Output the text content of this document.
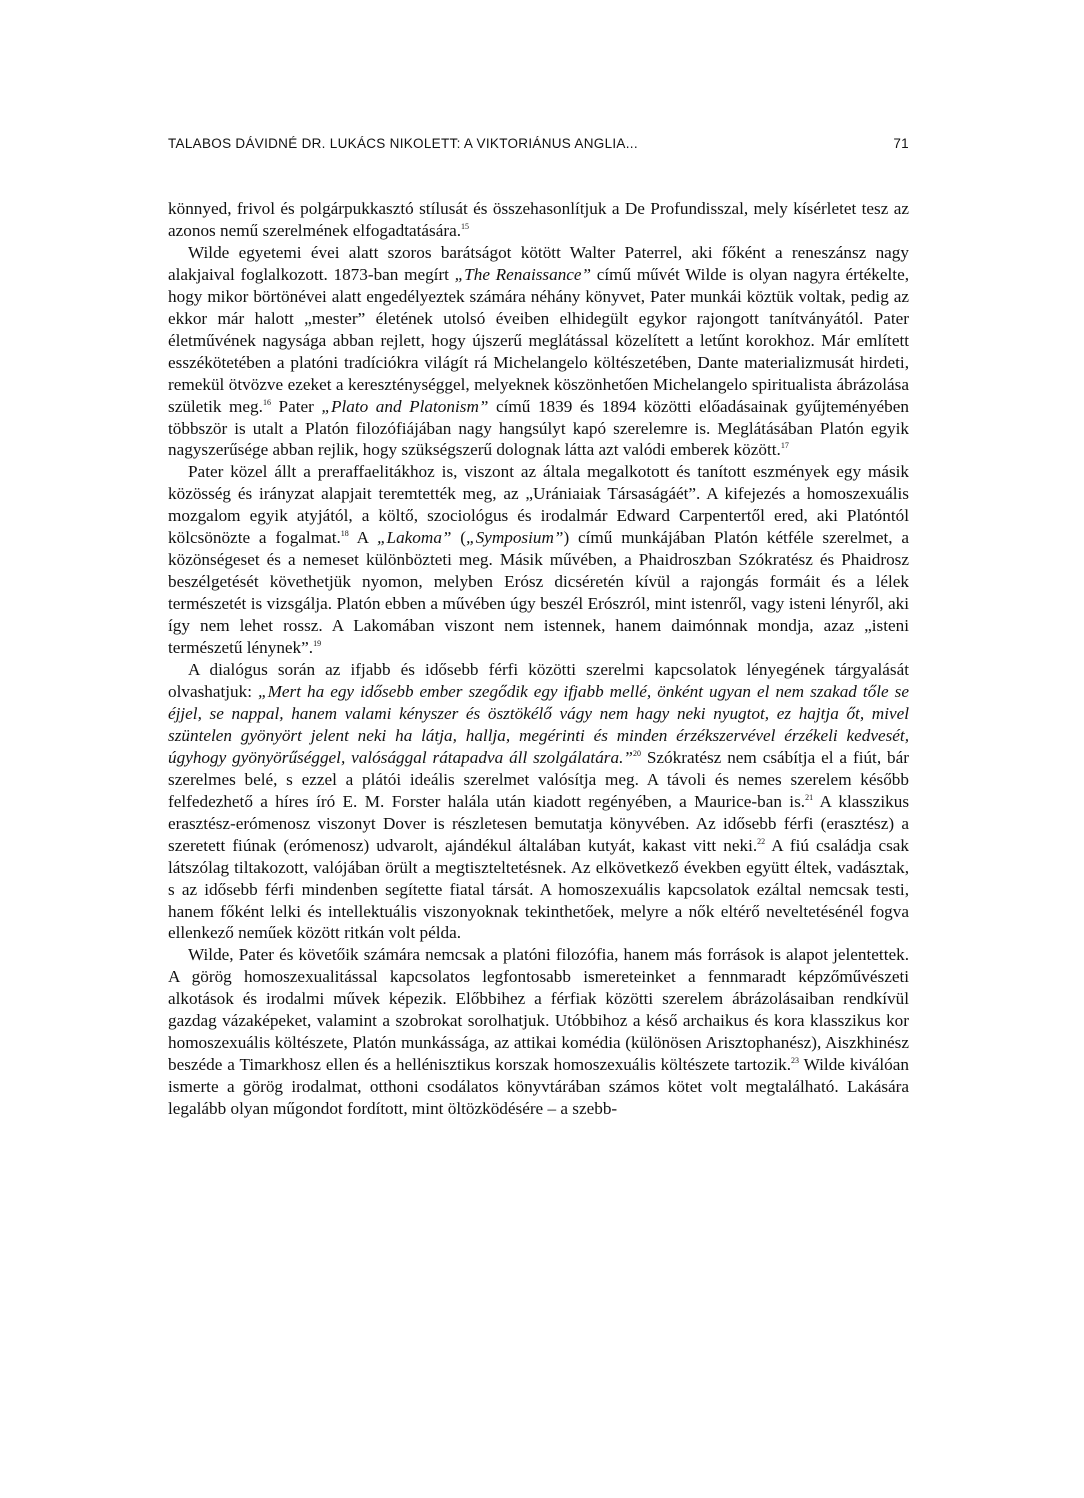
TALABOS DÁVIDNÉ DR. LUKÁCS NIKOLETT: A VIKTORIÁNUS ANGLIA...	71

könnyed, frivol és polgárpukkasztó stílusát és összehasonlítjuk a De Profundisszal, mely kísérletet tesz az azonos nemű szerelmének elfogadtatására.$^{15}$

Wilde egyetemi évei alatt szoros barátságot kötött Walter Paterrel, aki főként a reneszánsz nagy alakjaival foglalkozott. 1873-ban megírt „The Renaissance” című művét Wilde is olyan nagyra értékelte, hogy mikor börtönévei alatt engedélyeztek számára néhány könyvet, Pater munkái köztük voltak, pedig az ekkor már halott „mester” életének utolsó éveiben elhidegült egykor rajongott tanítványától. Pater életművének nagysága abban rejlett, hogy újszerű meglátással közelített a letűnt korokhoz. Már említett esszékötetében a platóni tradíciókra világít rá Michelangelo költészetében, Dante materializmusát hirdeti, remekül ötvözve ezeket a kereszténységgel, melyeknek köszönhetően Michelangelo spiritualista ábrázolása születik meg.$^{16}$ Pater „Plato and Platonism” című 1839 és 1894 közötti előadásainak gyűjteményében többször is utalt a Platón filozófiájában nagy hangsúlyt kapó szerelemre is. Meglátásában Platón egyik nagyszerűsége abban rejlik, hogy szükségszerű dolognak látta azt valódi emberek között.$^{17}$

Pater közel állt a preraffaelitákhoz is, viszont az általa megalkotott és tanított eszmények egy másik közösség és irányzat alapjait teremtették meg, az „Urániaiak Társaságáét”. A kifejezés a homoszexuális mozgalom egyik atyjától, a költő, szociológus és irodalmár Edward Carpentertől ered, aki Platóntól kölcsönözte a fogalmat.$^{18}$ A „Lakoma” („Symposium”) című munkájában Platón kétféle szerelmet, a közönségeset és a nemeset különbözteti meg. Másik művében, a Phaidroszban Szókratész és Phaidrosz beszélgetését követhetjük nyomon, melyben Erósz dicséretén kívül a rajongás formáit és a lélek természetét is vizsgálja. Platón ebben a művében úgy beszél Erószról, mint istenről, vagy isteni lényről, aki így nem lehet rossz. A Lakomában viszont nem istennek, hanem daimónnak mondja, azaz „isteni természetű lénynek”.$^{19}$

A dialógus során az ifjabb és idősebb férfi közötti szerelmi kapcsolatok lényegének tárgyalását olvashatjuk: „Mert ha egy idősebb ember szegődik egy ifjabb mellé, önként ugyan el nem szakad tőle se éjjel, se nappal, hanem valami kényszer és ösztökélő vágy nem hagy neki nyugtot, ez hajtja őt, mivel szüntelen gyönyört jelent neki ha látja, hallja, megérinti és minden érzékszervével érzékeli kedvesét, úgyhogy gyönyörűséggel, valósággal rátapadva áll szolgálatára.”$^{20}$ Szókratész nem csábítja el a fiút, bár szerelmes belé, s ezzel a plátói ideális szerelmet valósítja meg. A távoli és nemes szerelem később felfedezhető a híres író E. M. Forster halála után kiadott regényében, a Maurice-ban is.$^{21}$ A klasszikus erasztész-erómenosz viszonyt Dover is részletesen bemutatja könyvében. Az idősebb férfi (erasztész) a szeretett fiúnak (erómenosz) udvarolt, ajándékul általában kutyát, kakast vitt neki.$^{22}$ A fiú családja csak látszólag tiltakozott, valójában örült a megtiszteltetésnek. Az elkövetkező években együtt éltek, vadásztak, s az idősebb férfi mindenben segítette fiatal társát. A homoszexuális kapcsolatok ezáltal nemcsak testi, hanem főként lelki és intellektuális viszonyoknak tekinthetőek, melyre a nők eltérő neveltetésénél fogva ellenkező neműek között ritkán volt példa.

Wilde, Pater és követőik számára nemcsak a platóni filozófia, hanem más források is alapot jelentettek. A görög homoszexualitással kapcsolatos legfontosabb ismereteinket a fennmaradt képzőművészeti alkotások és irodalmi művek képezik. Előbbihez a férfiak közötti szerelem ábrázolásaiban rendkívül gazdag vázaképeket, valamint a szobrokat sorolhatjuk. Utóbbihoz a késő archaikus és kora klasszikus kor homoszexuális költészete, Platón munkássága, az attikai komédia (különösen Arisztophanész), Aiszkhinész beszéde a Timarkhosz ellen és a hellénisztikus korszak homoszexuális költészete tartozik.$^{23}$ Wilde kiválóan ismerte a görög irodalmat, otthoni csodálatos könyvtárában számos kötet volt megtalálható. Lakására legalább olyan műgondot fordított, mint öltözködésére – a szebb-
